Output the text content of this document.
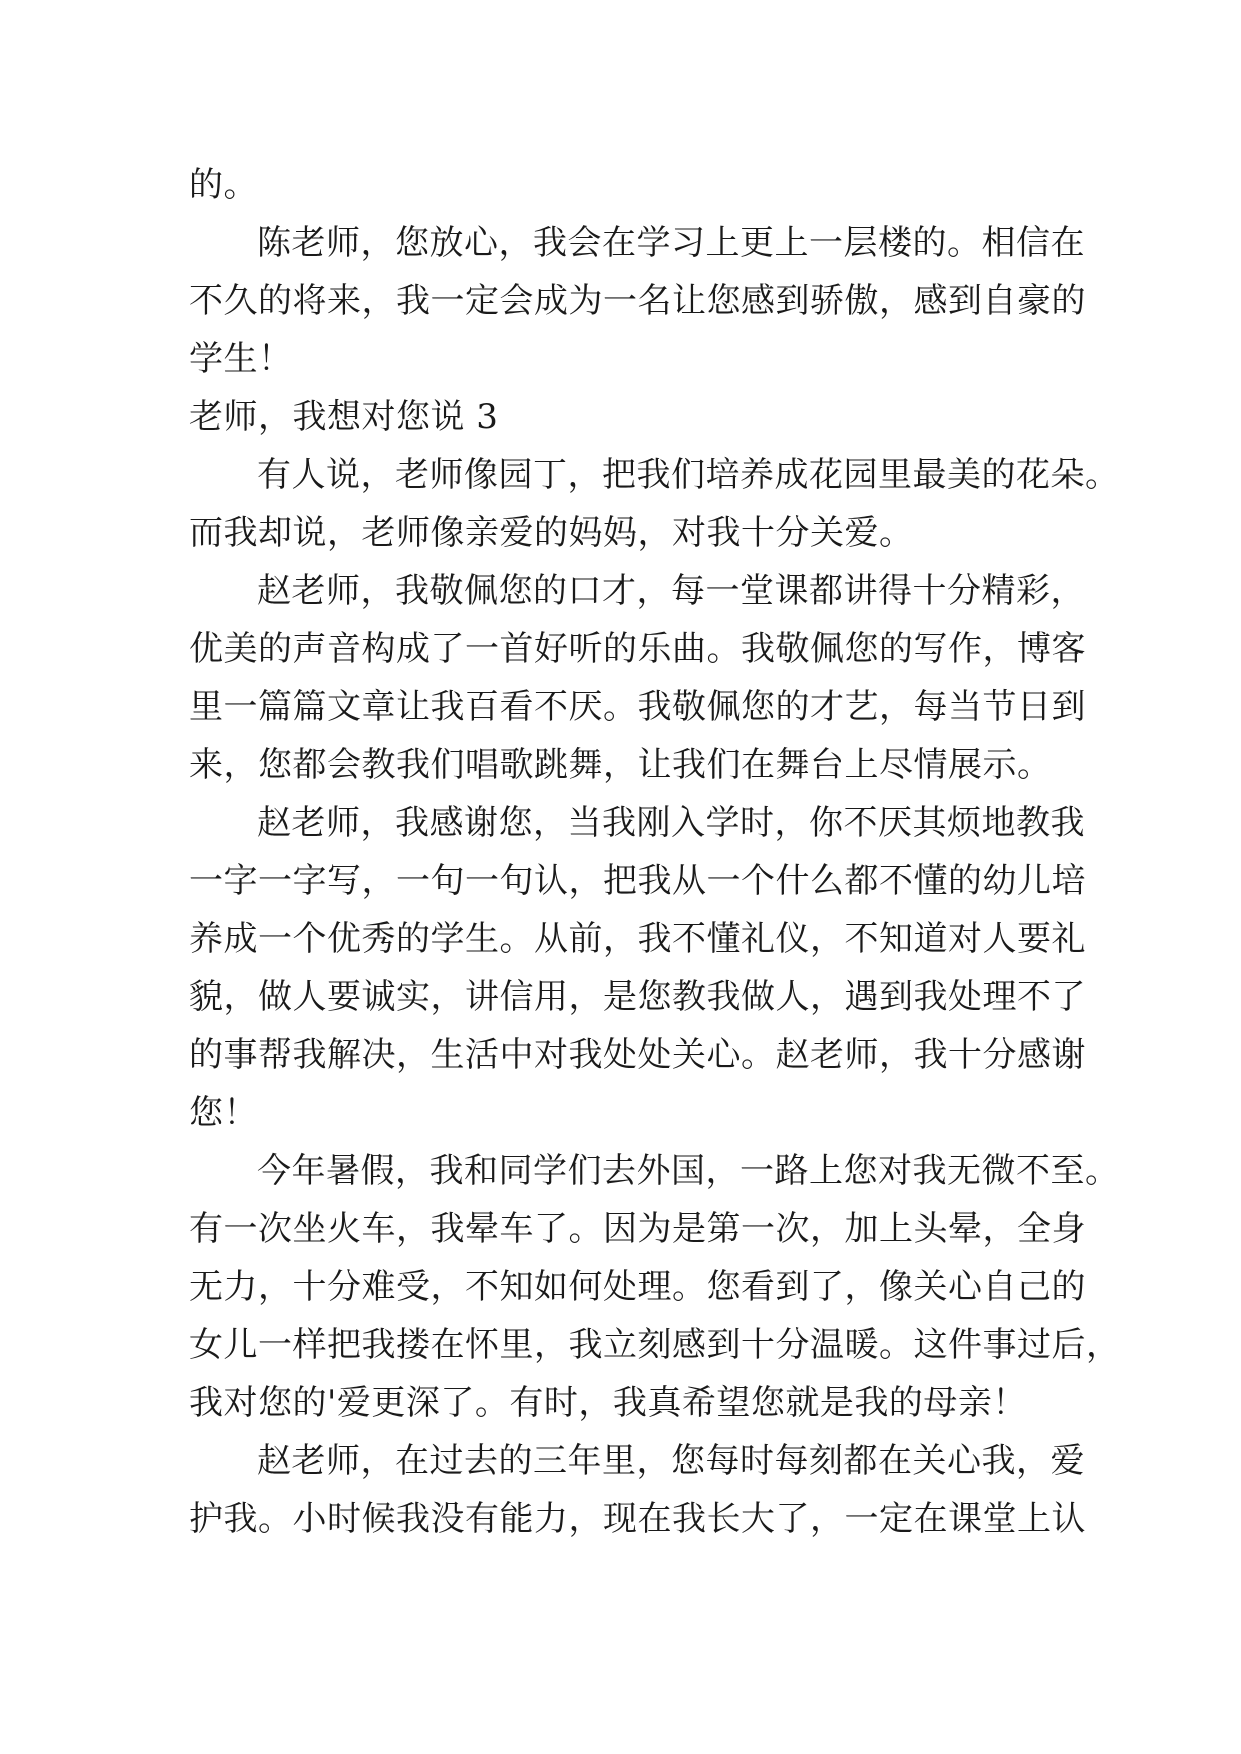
的。
陈老师，您放心，我会在学习上更上一层楼的。相信在
不久的将来，我一定会成为一名让您感到骄傲，感到自豪的
学生！
老师，我想对您说 3
有人说，老师像园丁，把我们培养成花园里最美的花朵。
而我却说，老师像亲爱的妈妈，对我十分关爱。
赵老师，我敬佩您的口才，每一堂课都讲得十分精彩，
优美的声音构成了一首好听的乐曲。我敬佩您的写作，博客
里一篇篇文章让我百看不厌。我敬佩您的才艺，每当节日到
来，您都会教我们唱歌跳舞，让我们在舞台上尽情展示。
赵老师，我感谢您，当我刚入学时，你不厌其烦地教我
一字一字写，一句一句认，把我从一个什么都不懂的幼儿培
养成一个优秀的学生。从前，我不懂礼仪，不知道对人要礼
貌，做人要诚实，讲信用，是您教我做人，遇到我处理不了
的事帮我解决，生活中对我处处关心。赵老师，我十分感谢
您！
今年暑假，我和同学们去外国，一路上您对我无微不至。
有一次坐火车，我晕车了。因为是第一次，加上头晕，全身
无力，十分难受，不知如何处理。您看到了，像关心自己的
女儿一样把我搂在怀里，我立刻感到十分温暖。这件事过后，
我对您的'爱更深了。有时，我真希望您就是我的母亲！
赵老师，在过去的三年里，您每时每刻都在关心我，爱
护我。小时候我没有能力，现在我长大了，一定在课堂上认
